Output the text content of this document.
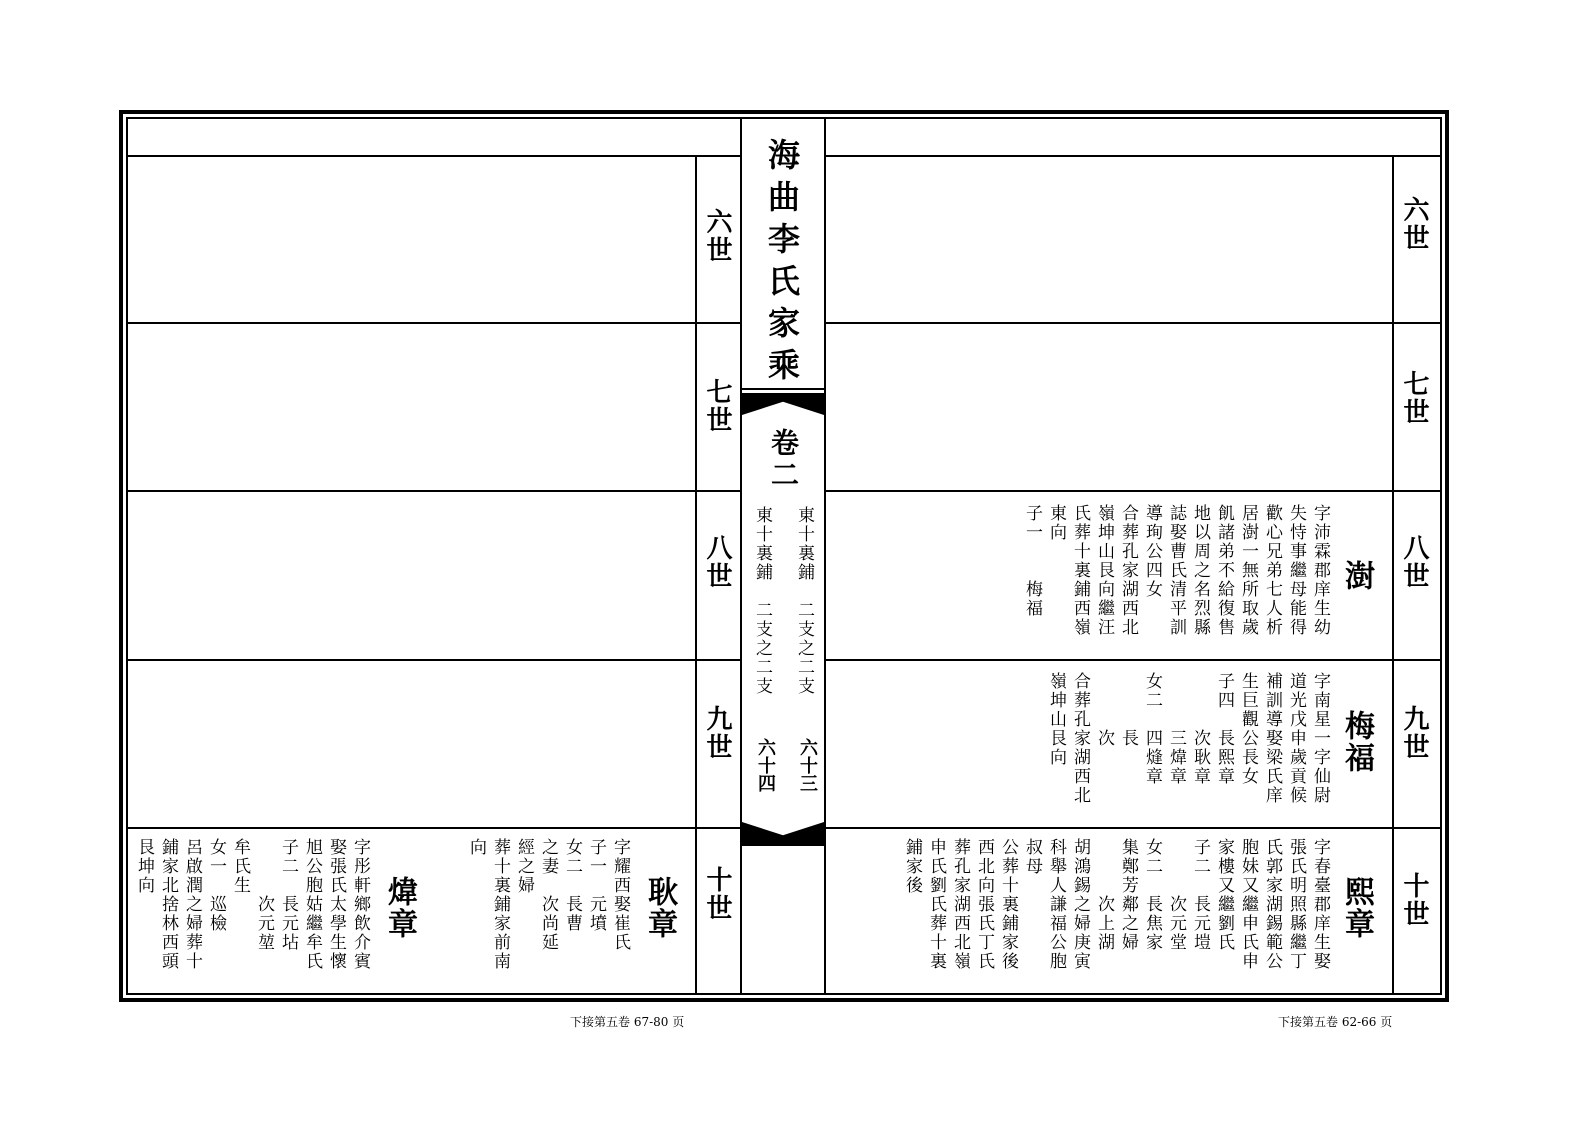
海曲李氏家乘
卷二
東十裏鋪　二支之二支
東十裏鋪　二支之二支
六十三
六十四
六世
七世
八世
九世
十世
六世
七世
八世
九世
十世
澍
字沛霖郡庠生幼
失恃事繼母能得
歡心兄弟七人析
居澍一無所取歲
飢諸弟不給復售
地以周之名烈縣
誌娶曹氏清平訓
導珣公四女
合葬孔家湖西北
嶺坤山艮向繼汪
氏葬十裏鋪西嶺
東向
子一　　梅福
梅福
字南星一字仙尉
道光戊申歲貢候
補訓導娶梁氏庠
生巨觀公長女
子四　長熙章
　　　次耿章
　　　三煒章
女二　四熢章
　　　長
　　　次
合葬孔家湖西北
嶺坤山艮向
熙章
字春臺郡庠生娶
張氏明照縣繼丁
氏郭家湖錫範公
胞妹又繼申氏申
家樓又繼劉氏
子二　長元塏
　　　次元堂
女二　長焦家
集鄭芳鄰之婦
　　　次上湖
胡鴻錫之婦庚寅
科舉人謙福公胞
叔母
公葬十裏鋪家後
西北向張氏丁氏
葬孔家湖西北嶺
申氏劉氏葬十裏
鋪家後
耿章
字耀西娶崔氏
子一　元墳
女二　長曹
之妻　次尚延
經之婦
葬十裏鋪家前南
向
煒章
字彤軒鄉飲介賓
娶張氏太學生懷
旭公胞姑繼牟氏
子二　長元坫
　　　次元堃
牟氏生
女一　巡檢
呂啟潤之婦葬十
鋪家北捨林西頭
艮坤向
下接第五卷 67-80 页	下接第五卷 62-66 页
